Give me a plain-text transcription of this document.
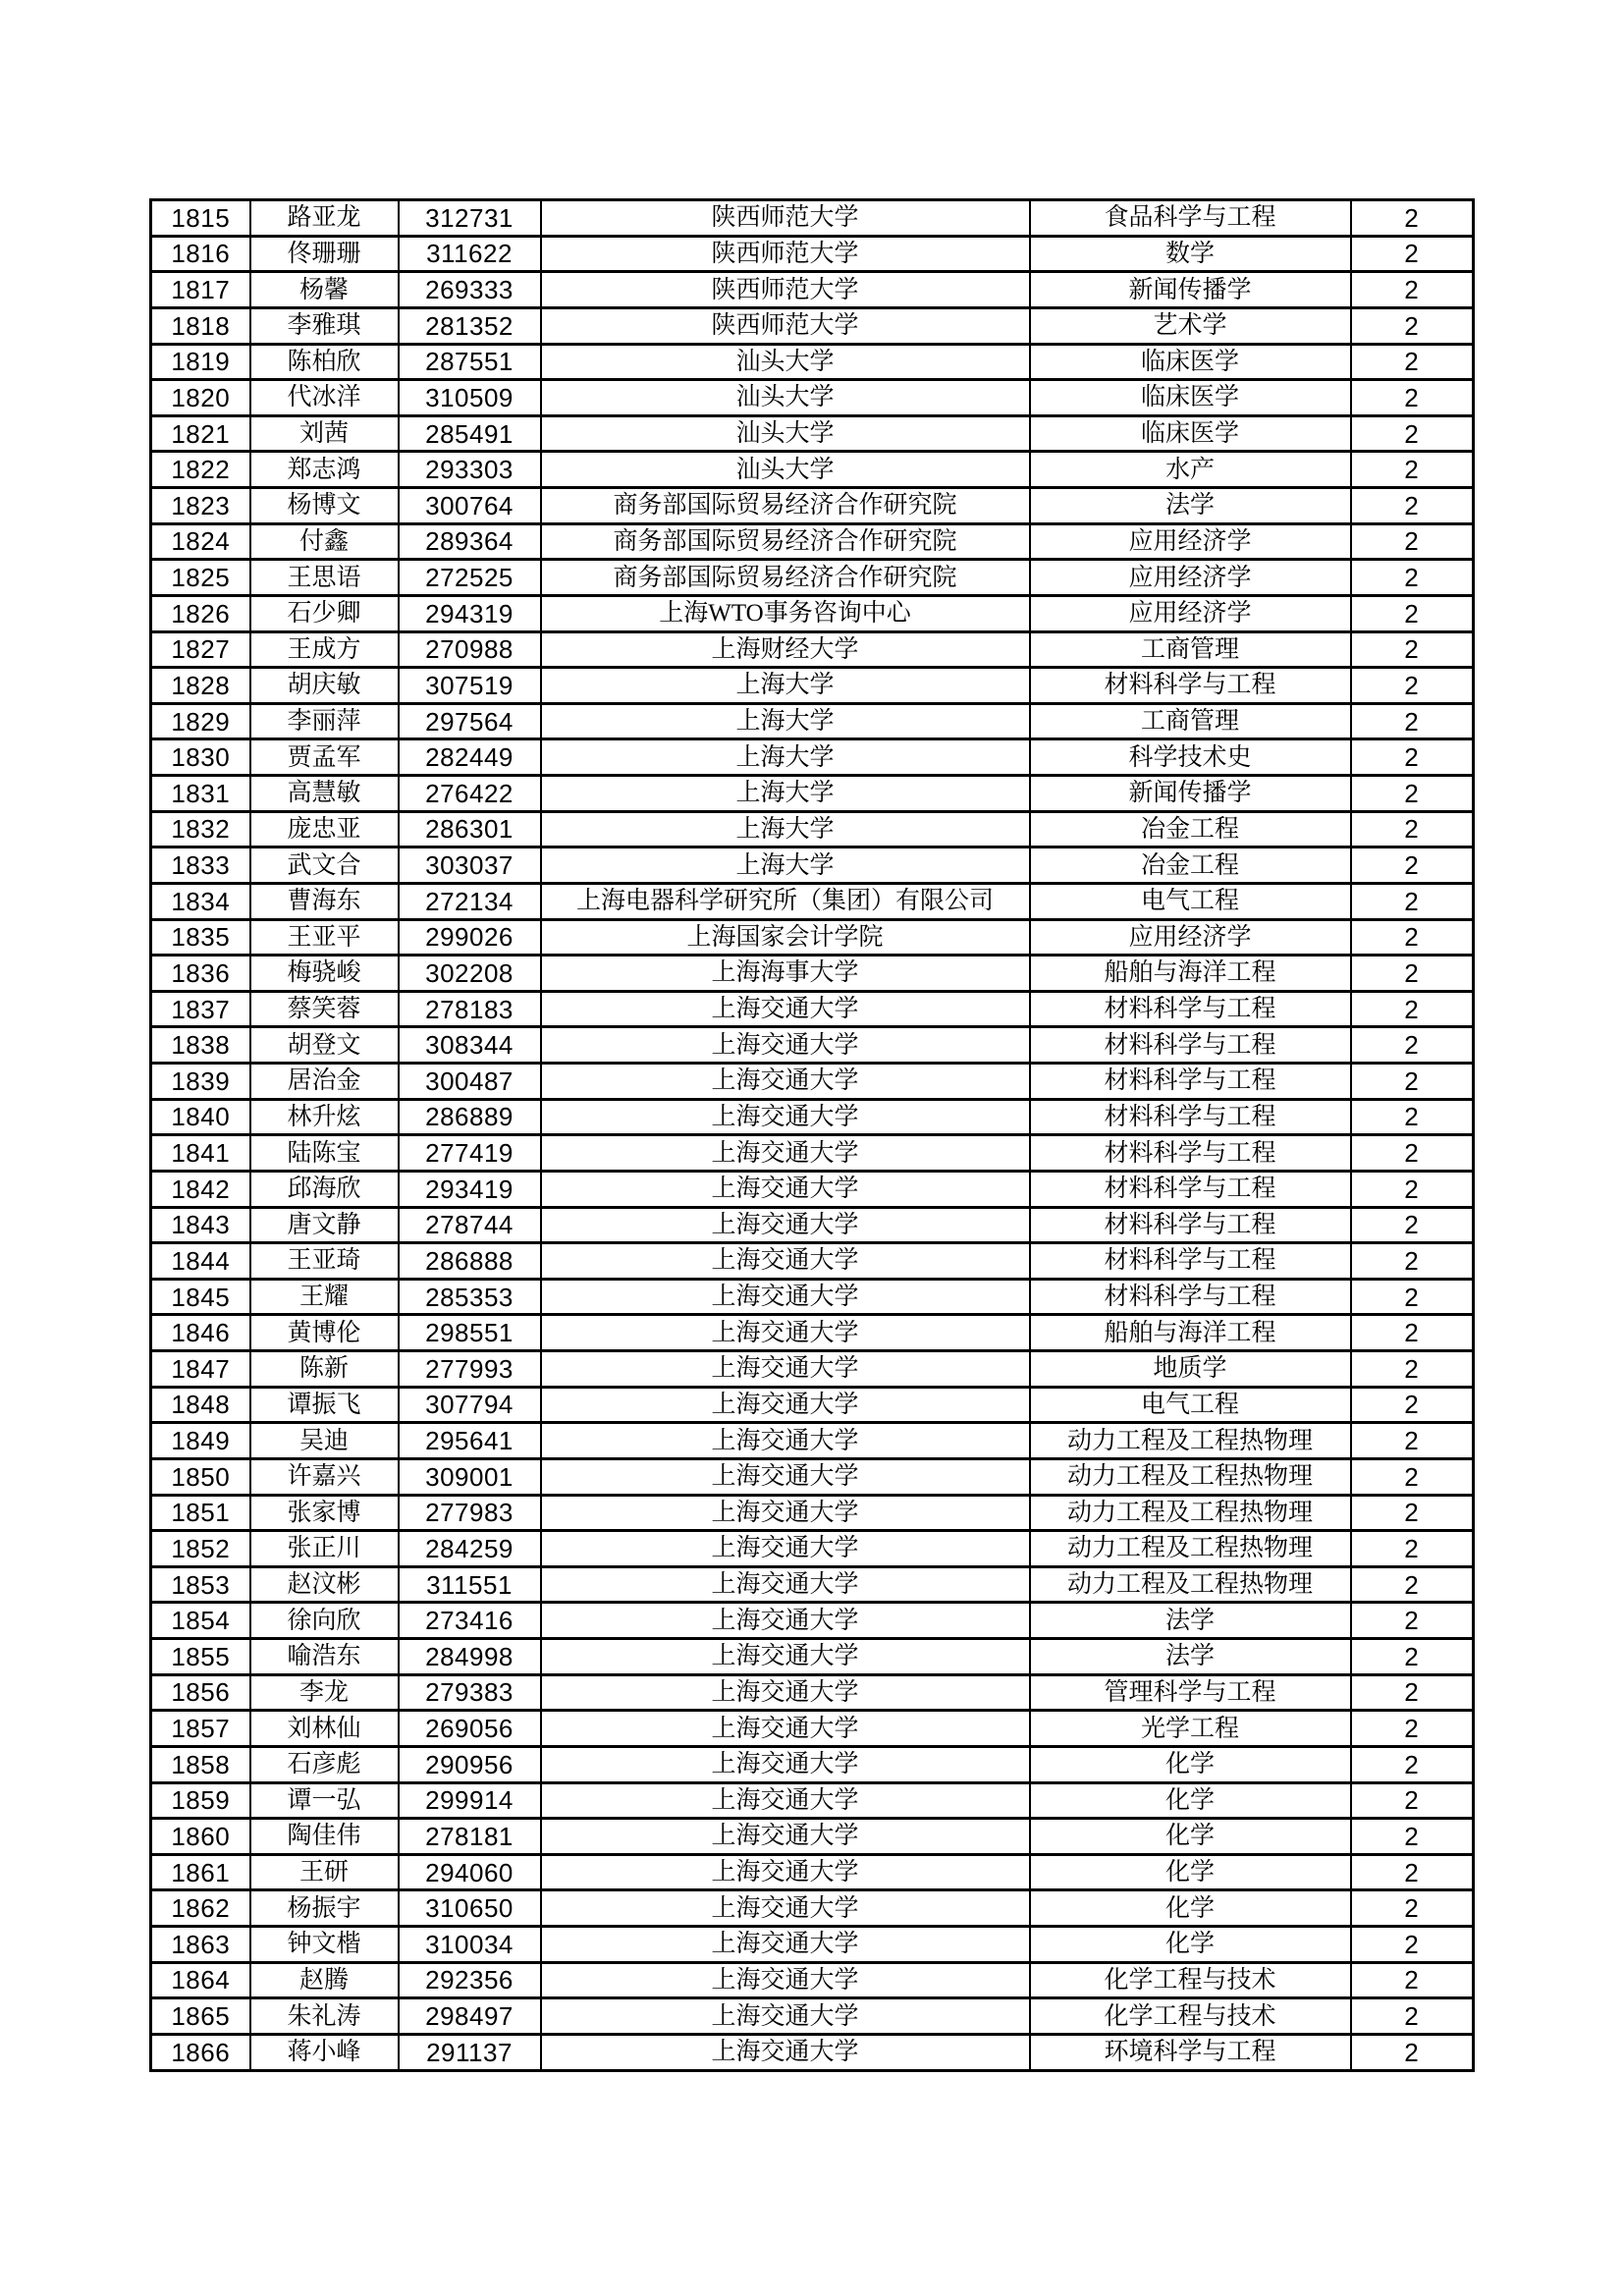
1815	路亚龙	312731	陕西师范大学	食品科学与工程	2
1816	佟珊珊	311622	陕西师范大学	数学	2
1817	杨馨	269333	陕西师范大学	新闻传播学	2
1818	李雅琪	281352	陕西师范大学	艺术学	2
1819	陈柏欣	287551	汕头大学	临床医学	2
1820	代冰洋	310509	汕头大学	临床医学	2
1821	刘茜	285491	汕头大学	临床医学	2
1822	郑志鸿	293303	汕头大学	水产	2
1823	杨博文	300764	商务部国际贸易经济合作研究院	法学	2
1824	付鑫	289364	商务部国际贸易经济合作研究院	应用经济学	2
1825	王思语	272525	商务部国际贸易经济合作研究院	应用经济学	2
1826	石少卿	294319	上海WTO事务咨询中心	应用经济学	2
1827	王成方	270988	上海财经大学	工商管理	2
1828	胡庆敏	307519	上海大学	材料科学与工程	2
1829	李丽萍	297564	上海大学	工商管理	2
1830	贾孟军	282449	上海大学	科学技术史	2
1831	高慧敏	276422	上海大学	新闻传播学	2
1832	庞忠亚	286301	上海大学	冶金工程	2
1833	武文合	303037	上海大学	冶金工程	2
1834	曹海东	272134	上海电器科学研究所（集团）有限公司	电气工程	2
1835	王亚平	299026	上海国家会计学院	应用经济学	2
1836	梅骁峻	302208	上海海事大学	船舶与海洋工程	2
1837	蔡笑蓉	278183	上海交通大学	材料科学与工程	2
1838	胡登文	308344	上海交通大学	材料科学与工程	2
1839	居治金	300487	上海交通大学	材料科学与工程	2
1840	林升炫	286889	上海交通大学	材料科学与工程	2
1841	陆陈宝	277419	上海交通大学	材料科学与工程	2
1842	邱海欣	293419	上海交通大学	材料科学与工程	2
1843	唐文静	278744	上海交通大学	材料科学与工程	2
1844	王亚琦	286888	上海交通大学	材料科学与工程	2
1845	王耀	285353	上海交通大学	材料科学与工程	2
1846	黄博伦	298551	上海交通大学	船舶与海洋工程	2
1847	陈新	277993	上海交通大学	地质学	2
1848	谭振飞	307794	上海交通大学	电气工程	2
1849	吴迪	295641	上海交通大学	动力工程及工程热物理	2
1850	许嘉兴	309001	上海交通大学	动力工程及工程热物理	2
1851	张家博	277983	上海交通大学	动力工程及工程热物理	2
1852	张正川	284259	上海交通大学	动力工程及工程热物理	2
1853	赵汶彬	311551	上海交通大学	动力工程及工程热物理	2
1854	徐向欣	273416	上海交通大学	法学	2
1855	喻浩东	284998	上海交通大学	法学	2
1856	李龙	279383	上海交通大学	管理科学与工程	2
1857	刘林仙	269056	上海交通大学	光学工程	2
1858	石彦彪	290956	上海交通大学	化学	2
1859	谭一弘	299914	上海交通大学	化学	2
1860	陶佳伟	278181	上海交通大学	化学	2
1861	王研	294060	上海交通大学	化学	2
1862	杨振宇	310650	上海交通大学	化学	2
1863	钟文楷	310034	上海交通大学	化学	2
1864	赵腾	292356	上海交通大学	化学工程与技术	2
1865	朱礼涛	298497	上海交通大学	化学工程与技术	2
1866	蒋小峰	291137	上海交通大学	环境科学与工程	2
